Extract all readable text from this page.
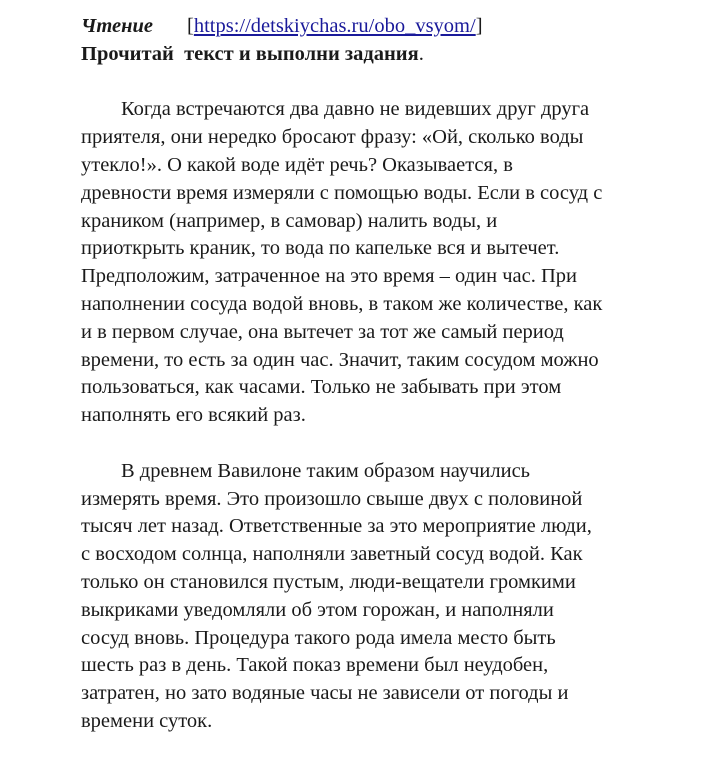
Чтение [https://detskiychas.ru/obo_vsyom/]
Прочитай  текст и выполни задания.
Когда встречаются два давно не видевших друг друга
приятеля, они нередко бросают фразу: «Ой, сколько воды
утекло!». О какой воде идёт речь? Оказывается, в
древности время измеряли с помощью воды. Если в сосуд с
краником (например, в самовар) налить воды, и
приоткрыть краник, то вода по капельке вся и вытечет.
Предположим, затраченное на это время – один час. При
наполнении сосуда водой вновь, в таком же количестве, как
и в первом случае, она вытечет за тот же самый период
времени, то есть за один час. Значит, таким сосудом можно
пользоваться, как часами. Только не забывать при этом
наполнять его всякий раз.
В древнем Вавилоне таким образом научились
измерять время. Это произошло свыше двух с половиной
тысяч лет назад. Ответственные за это мероприятие люди,
с восходом солнца, наполняли заветный сосуд водой. Как
только он становился пустым, люди-вещатели громкими
выкриками уведомляли об этом горожан, и наполняли
сосуд вновь. Процедура такого рода имела место быть
шесть раз в день. Такой показ времени был неудобен,
затратен, но зато водяные часы не зависели от погоды и
времени суток.
